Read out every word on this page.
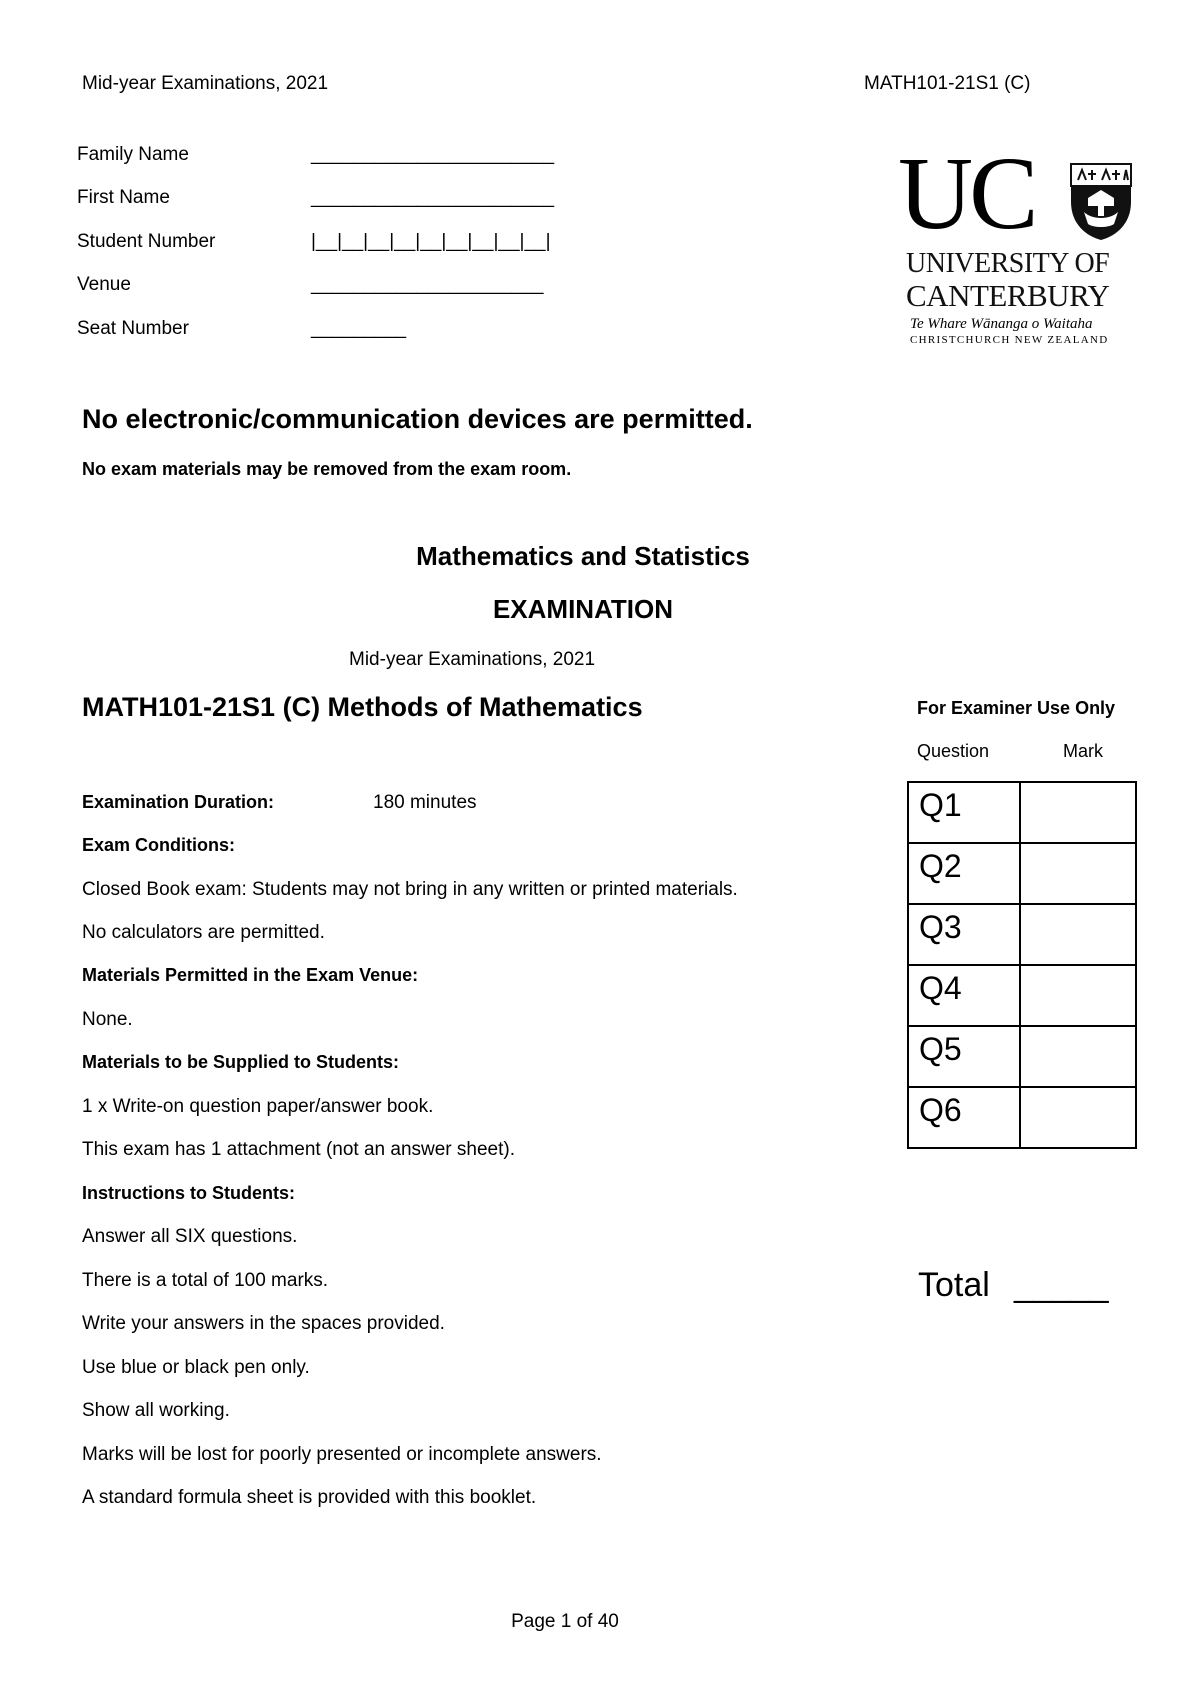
Mid-year Examinations, 2021	MATH101-21S1 (C)
Family Name	_______________________
First Name	_______________________
Student Number	|__|__|__|__|__|__|__|__|__|
Venue	______________________
Seat Number	_________
UC
UNIVERSITY OF
CANTERBURY
Te Whare Wānanga o Waitaha
CHRISTCHURCH NEW ZEALAND
No electronic/communication devices are permitted.
No exam materials may be removed from the exam room.
Mathematics and Statistics
EXAMINATION
Mid-year Examinations, 2021
MATH101-21S1 (C) Methods of Mathematics	For Examiner Use Only
Question	Mark
Q1	
Q2	
Q3	
Q4	
Q5	
Q6	
Total _____
Examination Duration:	180 minutes
Exam Conditions:
Closed Book exam: Students may not bring in any written or printed materials.
No calculators are permitted.
Materials Permitted in the Exam Venue:
None.
Materials to be Supplied to Students:
1 x Write-on question paper/answer book.
This exam has 1 attachment (not an answer sheet).
Instructions to Students:
Answer all SIX questions.
There is a total of 100 marks.
Write your answers in the spaces provided.
Use blue or black pen only.
Show all working.
Marks will be lost for poorly presented or incomplete answers.
A standard formula sheet is provided with this booklet.
Page 1 of 40
